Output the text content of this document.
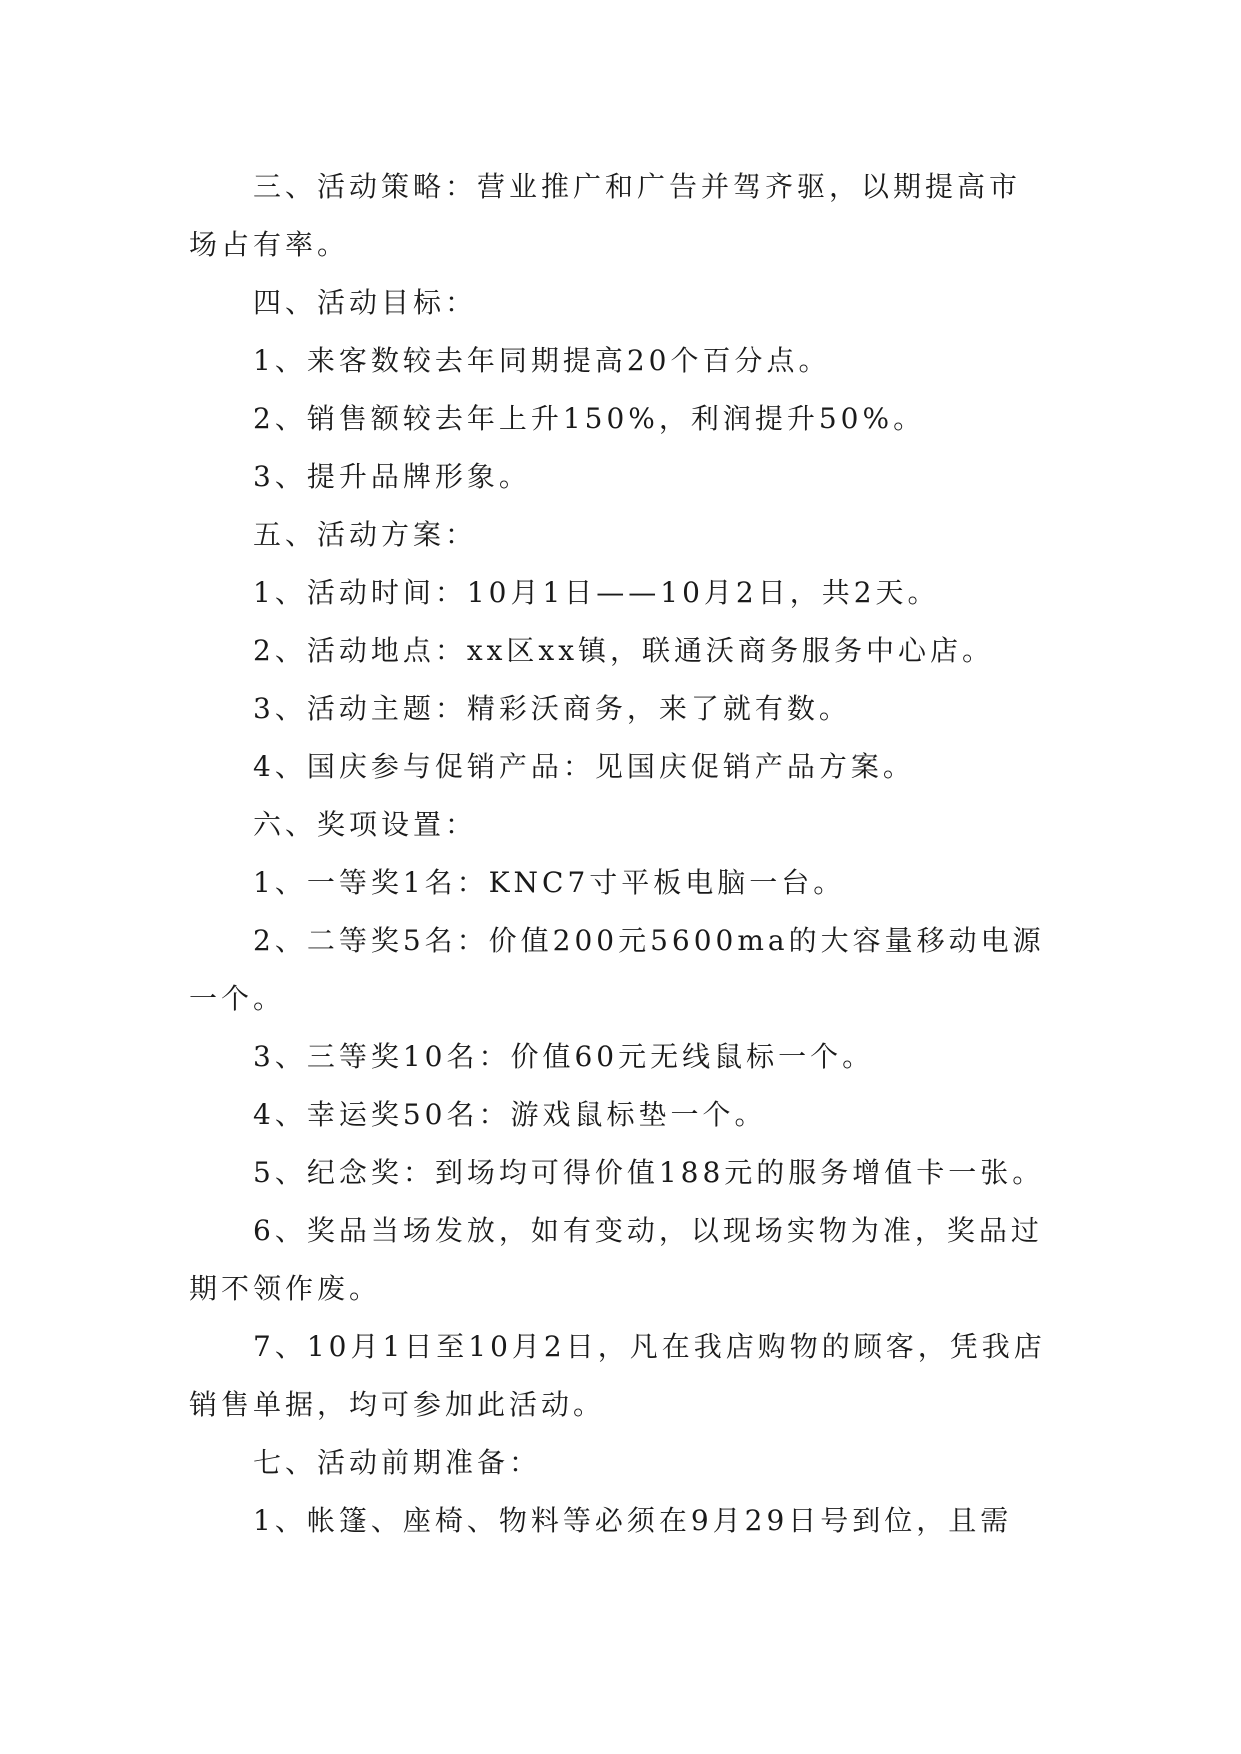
三、活动策略：营业推广和广告并驾齐驱，以期提高市场占有率。

四、活动目标：

1、来客数较去年同期提高20个百分点。

2、销售额较去年上升150%，利润提升50%。

3、提升品牌形象。

五、活动方案：

1、活动时间：10月1日——10月2日，共2天。

2、活动地点：xx区xx镇，联通沃商务服务中心店。

3、活动主题：精彩沃商务，来了就有数。

4、国庆参与促销产品：见国庆促销产品方案。

六、奖项设置：

1、一等奖1名：KNC7寸平板电脑一台。

2、二等奖5名：价值200元5600ma的大容量移动电源一个。

3、三等奖10名：价值60元无线鼠标一个。

4、幸运奖50名：游戏鼠标垫一个。

5、纪念奖：到场均可得价值188元的服务增值卡一张。

6、奖品当场发放，如有变动，以现场实物为准，奖品过期不领作废。

7、10月1日至10月2日，凡在我店购物的顾客，凭我店销售单据，均可参加此活动。

七、活动前期准备：

1、帐篷、座椅、物料等必须在9月29日号到位，且需
